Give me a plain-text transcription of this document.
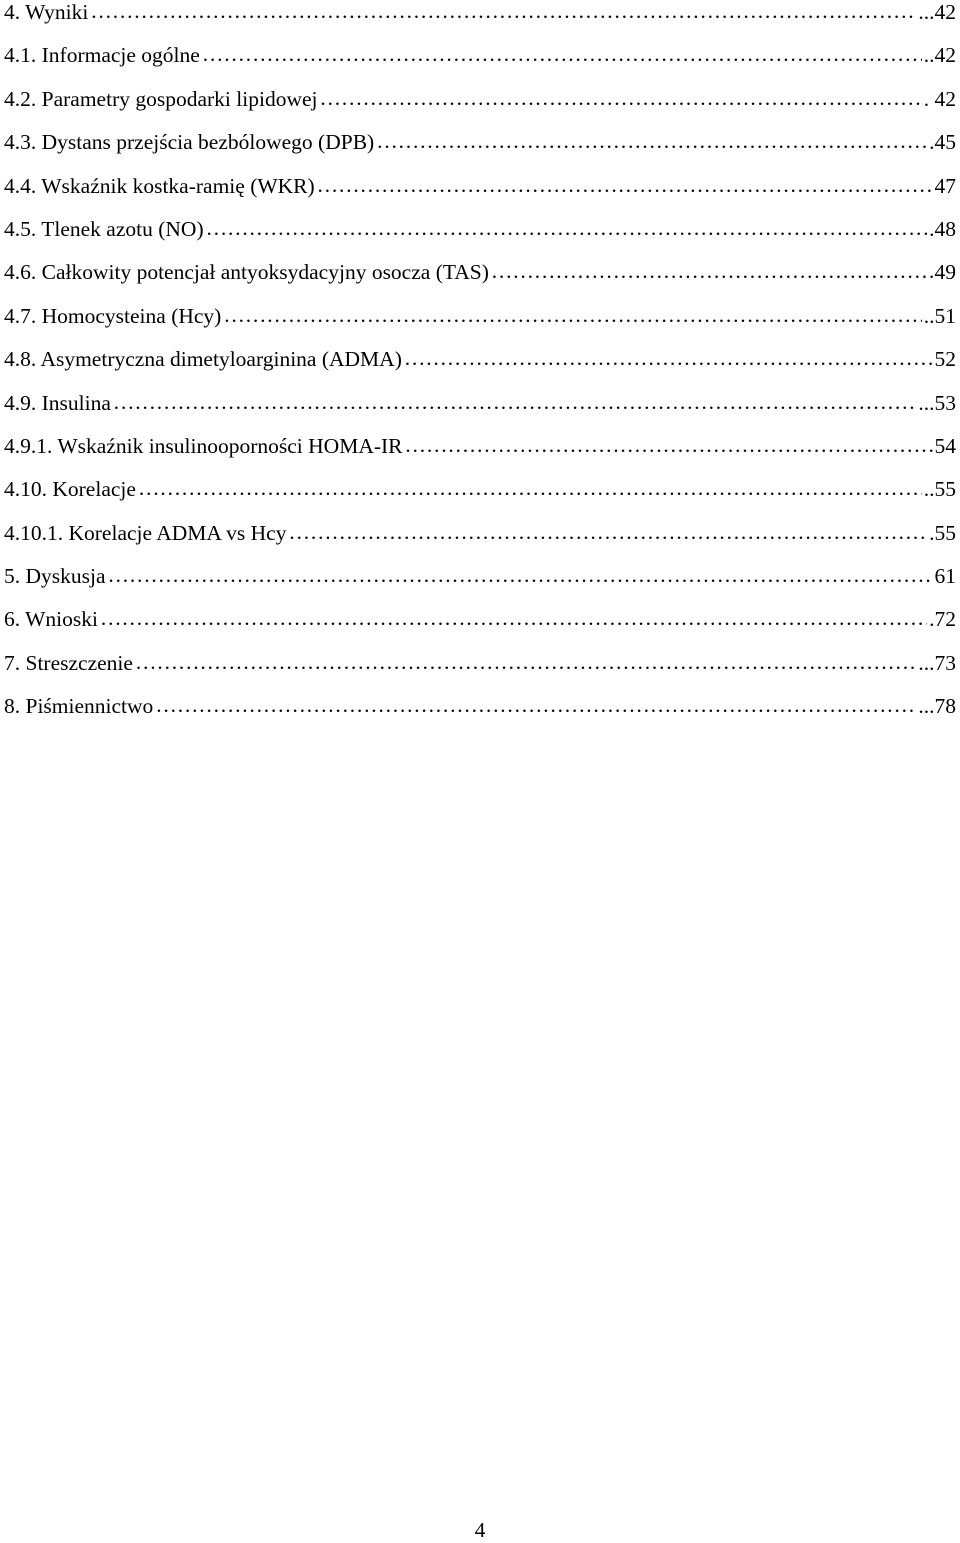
4. Wyniki ………………………………………………………………………………………………………………………………………………………………………………	...42
4.1. Informacje ogólne ………………………………………………………………………………………………………………………………………………………………………………	..42
4.2. Parametry gospodarki lipidowej ………………………………………………………………………………………………………………………………………………………………………………	. 42
4.3. Dystans przejścia bezbólowego (DPB) ………………………………………………………………………………………………………………………………………………………………………………	.45
4.4. Wskaźnik kostka-ramię (WKR) ………………………………………………………………………………………………………………………………………………………………………………	47
4.5. Tlenek azotu (NO) ………………………………………………………………………………………………………………………………………………………………………………	.48
4.6. Całkowity potencjał antyoksydacyjny osocza (TAS) ………………………………………………………………………………………………………………………………………………………………………………	49
4.7. Homocysteina (Hcy) ………………………………………………………………………………………………………………………………………………………………………………	..51
4.8. Asymetryczna dimetyloarginina (ADMA) ………………………………………………………………………………………………………………………………………………………………………………	52
4.9. Insulina ………………………………………………………………………………………………………………………………………………………………………………	...53
4.9.1. Wskaźnik insulinooporności HOMA-IR ………………………………………………………………………………………………………………………………………………………………………………	54
4.10. Korelacje ………………………………………………………………………………………………………………………………………………………………………………	..55
4.10.1. Korelacje ADMA vs Hcy ………………………………………………………………………………………………………………………………………………………………………………	.55
5. Dyskusja ………………………………………………………………………………………………………………………………………………………………………………	61
6. Wnioski ………………………………………………………………………………………………………………………………………………………………………………	.72
7. Streszczenie ………………………………………………………………………………………………………………………………………………………………………………	...73
8. Piśmiennictwo ………………………………………………………………………………………………………………………………………………………………………………	...78
4
